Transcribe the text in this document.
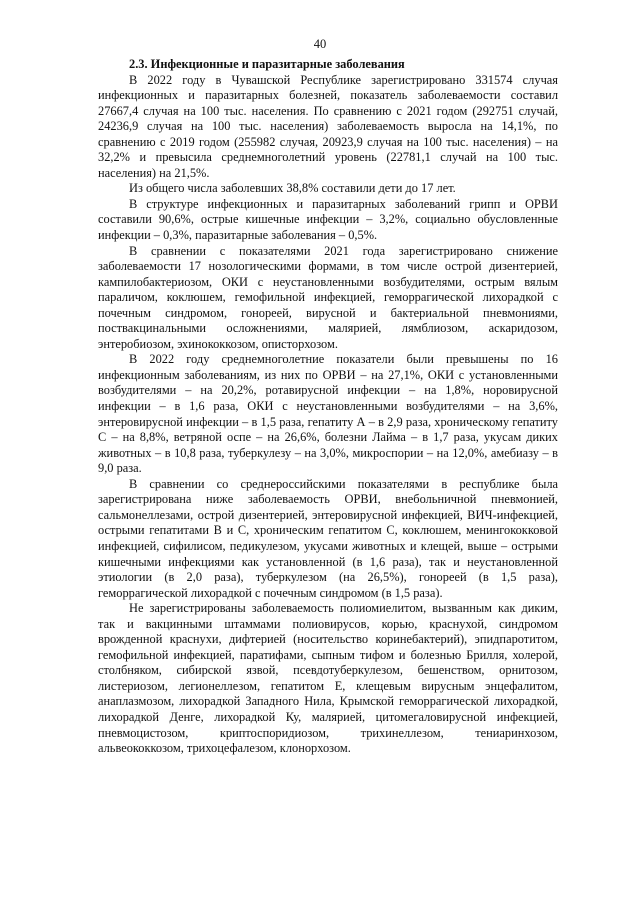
40
2.3. Инфекционные и паразитарные заболевания

В 2022 году в Чувашской Республике зарегистрировано 331574 случая инфекционных и паразитарных болезней, показатель заболеваемости составил 27667,4 случая на 100 тыс. населения. По сравнению с 2021 годом (292751 случай, 24236,9 случая на 100 тыс. населения) заболеваемость выросла на 14,1%, по сравнению с 2019 годом (255982 случая, 20923,9 случая на 100 тыс. населения) – на 32,2% и превысила среднемноголетний уровень (22781,1 случай на 100 тыс. населения) на 21,5%.

Из общего числа заболевших 38,8% составили дети до 17 лет.

В структуре инфекционных и паразитарных заболеваний грипп и ОРВИ составили 90,6%, острые кишечные инфекции – 3,2%, социально обусловленные инфекции – 0,3%, паразитарные заболевания – 0,5%.

В сравнении с показателями 2021 года зарегистрировано снижение заболеваемости 17 нозологическими формами, в том числе острой дизентерией, кампилобактериозом, ОКИ с неустановленными возбудителями, острым вялым параличом, коклюшем, гемофильной инфекцией, геморрагической лихорадкой с почечным синдромом, гонореей, вирусной и бактериальной пневмониями, поствакцинальными осложнениями, малярией, лямблиозом, аскаридозом, энтеробиозом, эхинококкозом, описторхозом.

В 2022 году среднемноголетние показатели были превышены по 16 инфекционным заболеваниям, из них по ОРВИ – на 27,1%, ОКИ с установленными возбудителями – на 20,2%, ротавирусной инфекции – на 1,8%, норовирусной инфекции – в 1,6 раза, ОКИ с неустановленными возбудителями – на 3,6%, энтеровирусной инфекции – в 1,5 раза, гепатиту А – в 2,9 раза, хроническому гепатиту С – на 8,8%, ветряной оспе – на 26,6%, болезни Лайма – в 1,7 раза, укусам диких животных – в 10,8 раза, туберкулезу – на 3,0%, микроспории – на 12,0%, амебиазу – в 9,0 раза.

В сравнении со среднероссийскими показателями в республике была зарегистрирована ниже заболеваемость ОРВИ, внебольничной пневмонией, сальмонеллезами, острой дизентерией, энтеровирусной инфекцией, ВИЧ-инфекцией, острыми гепатитами В и С, хроническим гепатитом С, коклюшем, менингококковой инфекцией, сифилисом, педикулезом, укусами животных и клещей, выше – острыми кишечными инфекциями как установленной (в 1,6 раза), так и неустановленной этиологии (в 2,0 раза), туберкулезом (на 26,5%), гонореей (в 1,5 раза), геморрагической лихорадкой с почечным синдромом (в 1,5 раза).

Не зарегистрированы заболеваемость полиомиелитом, вызванным как диким, так и вакцинными штаммами полиовирусов, корью, краснухой, синдромом врожденной краснухи, дифтерией (носительство коринебактерий), эпидпаротитом, гемофильной инфекцией, паратифами, сыпным тифом и болезнью Брилля, холерой, столбняком, сибирской язвой, псевдотуберкулезом, бешенством, орнитозом, листериозом, легионеллезом, гепатитом Е, клещевым вирусным энцефалитом, анаплазмозом, лихорадкой Западного Нила, Крымской геморрагической лихорадкой, лихорадкой Денге, лихорадкой Ку, малярией, цитомегаловирусной инфекцией, пневмоцистозом, криптоспоридиозом, трихинеллезом, тениаринхозом, альвеококкозом, трихоцефалезом, клонорхозом.
